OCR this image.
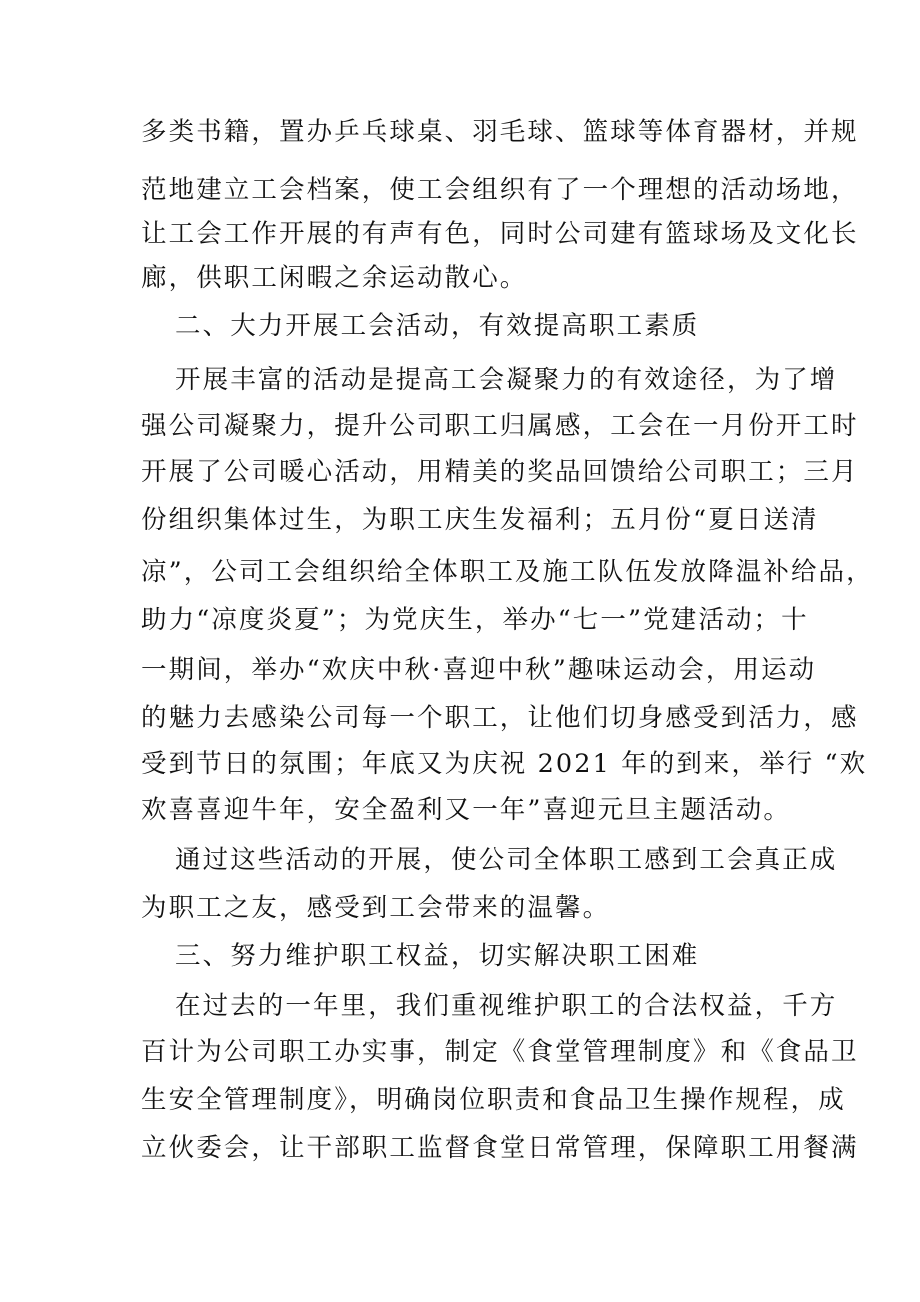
多类书籍，置办乒乓球桌、羽毛球、篮球等体育器材，并规
范地建立工会档案，使工会组织有了一个理想的活动场地，
让工会工作开展的有声有色，同时公司建有篮球场及文化长
廊，供职工闲暇之余运动散心。
二、大力开展工会活动，有效提高职工素质
开展丰富的活动是提高工会凝聚力的有效途径，为了增
强公司凝聚力，提升公司职工归属感，工会在一月份开工时
开展了公司暖心活动，用精美的奖品回馈给公司职工；三月
份组织集体过生，为职工庆生发福利；五月份“夏日送清
凉”，公司工会组织给全体职工及施工队伍发放降温补给品，
助力“凉度炎夏”；为党庆生，举办“七一”党建活动；十
一期间，举办“欢庆中秋·喜迎中秋”趣味运动会，用运动
的魅力去感染公司每一个职工，让他们切身感受到活力，感
受到节日的氛围；年底又为庆祝 2021 年的到来，举行 “欢
欢喜喜迎牛年，安全盈利又一年”喜迎元旦主题活动。
通过这些活动的开展，使公司全体职工感到工会真正成
为职工之友，感受到工会带来的温馨。
三、努力维护职工权益，切实解决职工困难
在过去的一年里，我们重视维护职工的合法权益，千方
百计为公司职工办实事，制定《食堂管理制度》和《食品卫
生安全管理制度》，明确岗位职责和食品卫生操作规程，成
立伙委会，让干部职工监督食堂日常管理，保障职工用餐满
